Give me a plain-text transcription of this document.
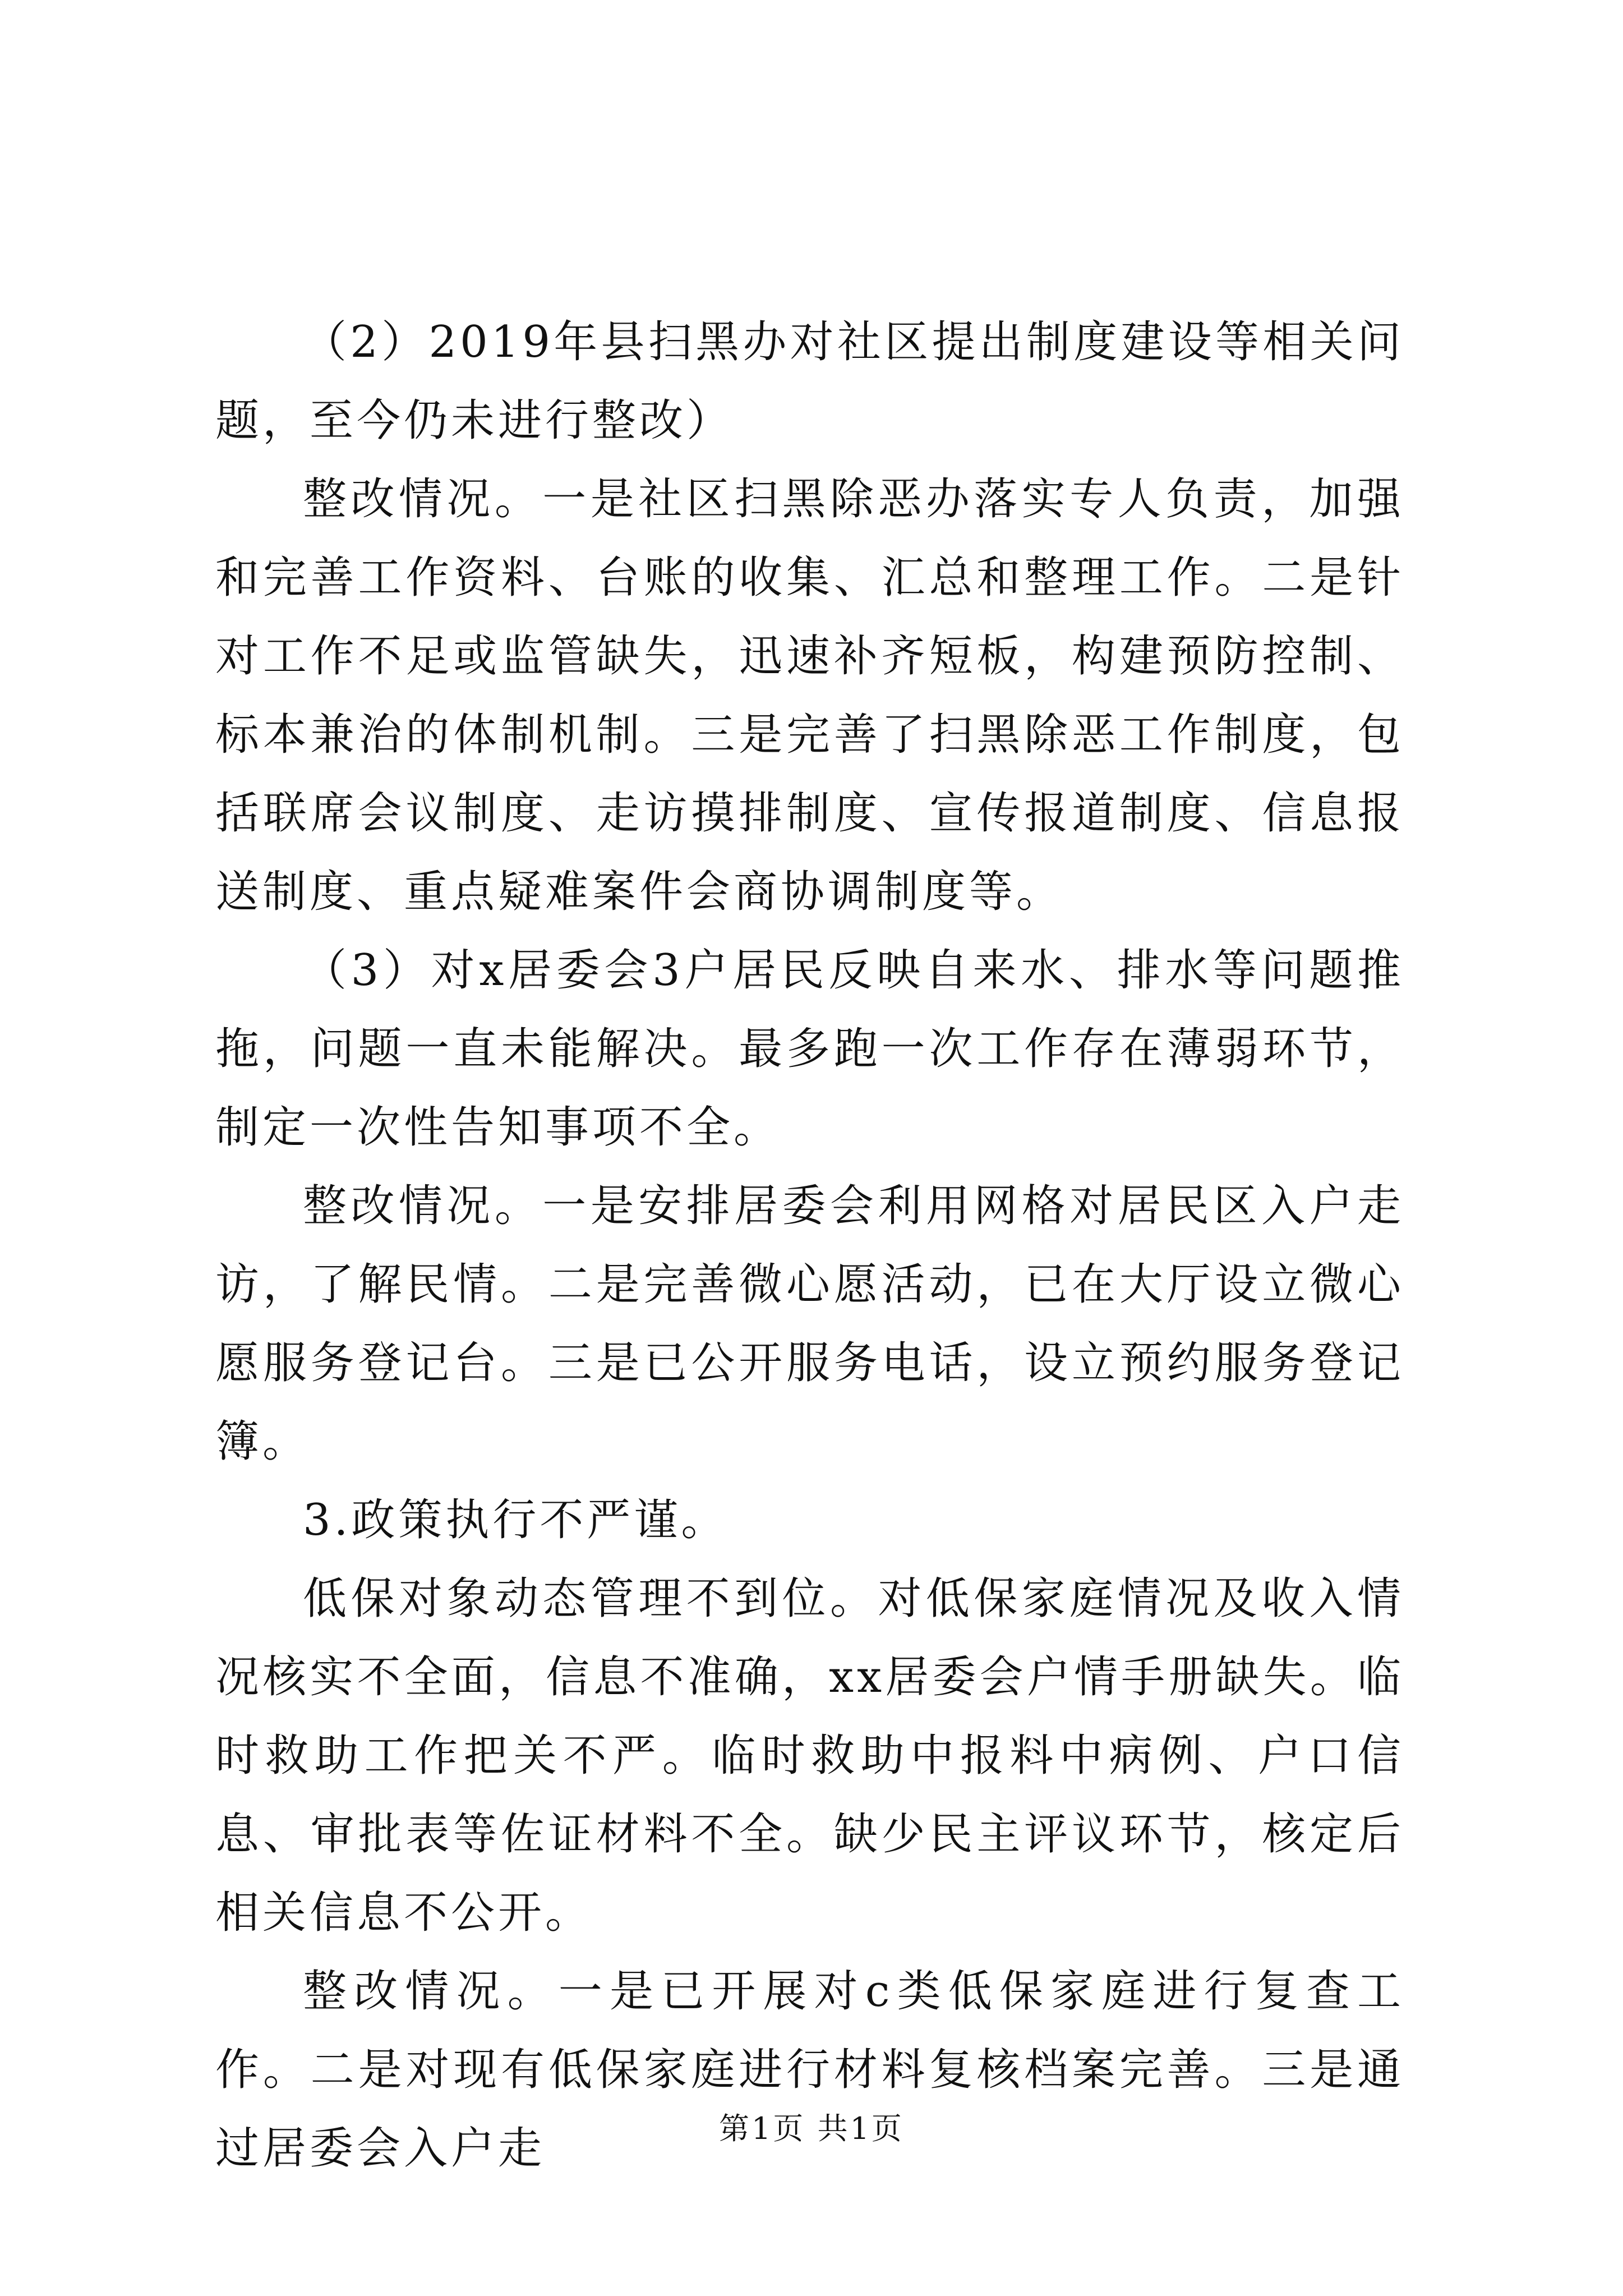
（2）2019年县扫黑办对社区提出制度建设等相关问题，至今仍未进行整改）

整改情况。一是社区扫黑除恶办落实专人负责，加强和完善工作资料、台账的收集、汇总和整理工作。二是针对工作不足或监管缺失，迅速补齐短板，构建预防控制、标本兼治的体制机制。三是完善了扫黑除恶工作制度，包括联席会议制度、走访摸排制度、宣传报道制度、信息报送制度、重点疑难案件会商协调制度等。

（3）对x居委会3户居民反映自来水、排水等问题推拖，问题一直未能解决。最多跑一次工作存在薄弱环节，制定一次性告知事项不全。

整改情况。一是安排居委会利用网格对居民区入户走访，了解民情。二是完善微心愿活动，已在大厅设立微心愿服务登记台。三是已公开服务电话，设立预约服务登记簿。

3.政策执行不严谨。

低保对象动态管理不到位。对低保家庭情况及收入情况核实不全面，信息不准确，xx居委会户情手册缺失。临时救助工作把关不严。临时救助中报料中病例、户口信息、审批表等佐证材料不全。缺少民主评议环节，核定后相关信息不公开。

整改情况。一是已开展对c类低保家庭进行复查工作。二是对现有低保家庭进行材料复核档案完善。三是通过居委会入户走	第1页 共1页
